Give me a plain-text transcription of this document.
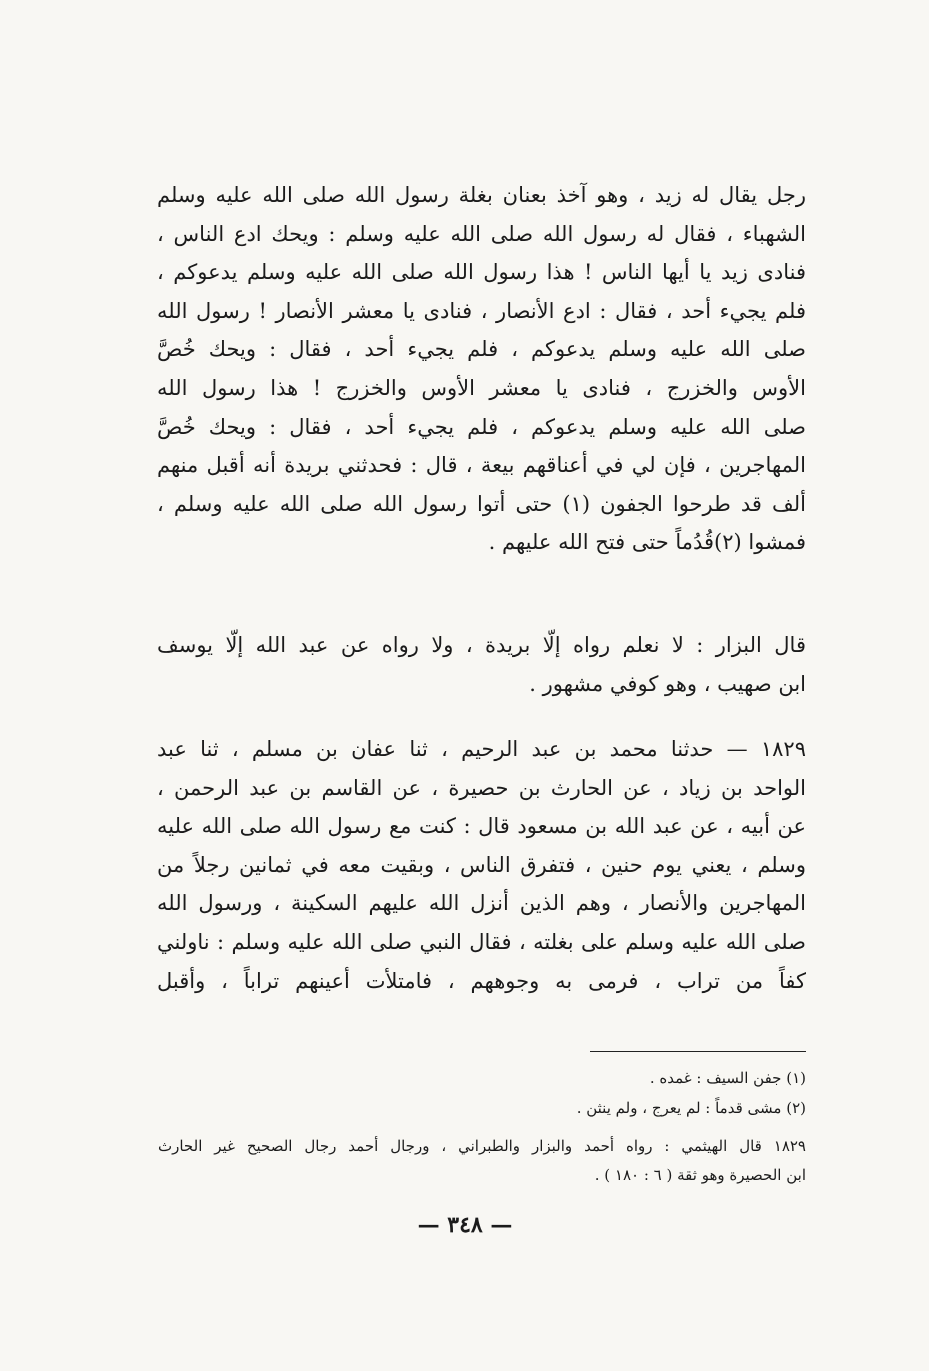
رجل يقال له زيد ، وهو آخذ بعنان بغلة رسول الله صلى الله عليه وسلم
الشهباء ، فقال له رسول الله صلى الله عليه وسلم : ويحك ادع الناس ،
فنادى زيد يا أيها الناس ! هذا رسول الله صلى الله عليه وسلم يدعوكم ،
فلم يجيء أحد ، فقال : ادع الأنصار ، فنادى يا معشر الأنصار ! رسول الله
صلى الله عليه وسلم يدعوكم ، فلم يجيء أحد ، فقال : ويحك خُصَّ
الأوس والخزرج ، فنادى يا معشر الأوس والخزرج ! هذا رسول الله
صلى الله عليه وسلم يدعوكم ، فلم يجيء أحد ، فقال : ويحك خُصَّ
المهاجرين ، فإن لي في أعناقهم بيعة ، قال : فحدثني بريدة أنه أقبل منهم
ألف قد طرحوا الجفون (١) حتى أتوا رسول الله صلى الله عليه وسلم ،
فمشوا (٢)قُدُماً حتى فتح الله عليهم .
قال البزار : لا نعلم رواه إلّا بريدة ، ولا رواه عن عبد الله إلّا يوسف
ابن صهيب ، وهو كوفي مشهور .
١٨٢٩ — حدثنا محمد بن عبد الرحيم ، ثنا عفان بن مسلم ، ثنا عبد
الواحد بن زياد ، عن الحارث بن حصيرة ، عن القاسم بن عبد الرحمن ،
عن أبيه ، عن عبد الله بن مسعود قال : كنت مع رسول الله صلى الله عليه
وسلم ، يعني يوم حنين ، فتفرق الناس ، وبقيت معه في ثمانين رجلاً من
المهاجرين والأنصار ، وهم الذين أنزل الله عليهم السكينة ، ورسول الله
صلى الله عليه وسلم على بغلته ، فقال النبي صلى الله عليه وسلم : ناولني
كفاً من تراب ، فرمى به وجوههم ، فامتلأت أعينهم تراباً ، وأقبل
(١) جفن السيف : غمده .
(٢) مشى قدماً : لم يعرج ، ولم ينثن .
١٨٢٩ قال الهيثمي : رواه أحمد والبزار والطبراني ، ورجال أحمد رجال الصحيح غير الحارث
ابن الحصيرة وهو ثقة ( ٦ : ١٨٠ ) .
— ٣٤٨ —
